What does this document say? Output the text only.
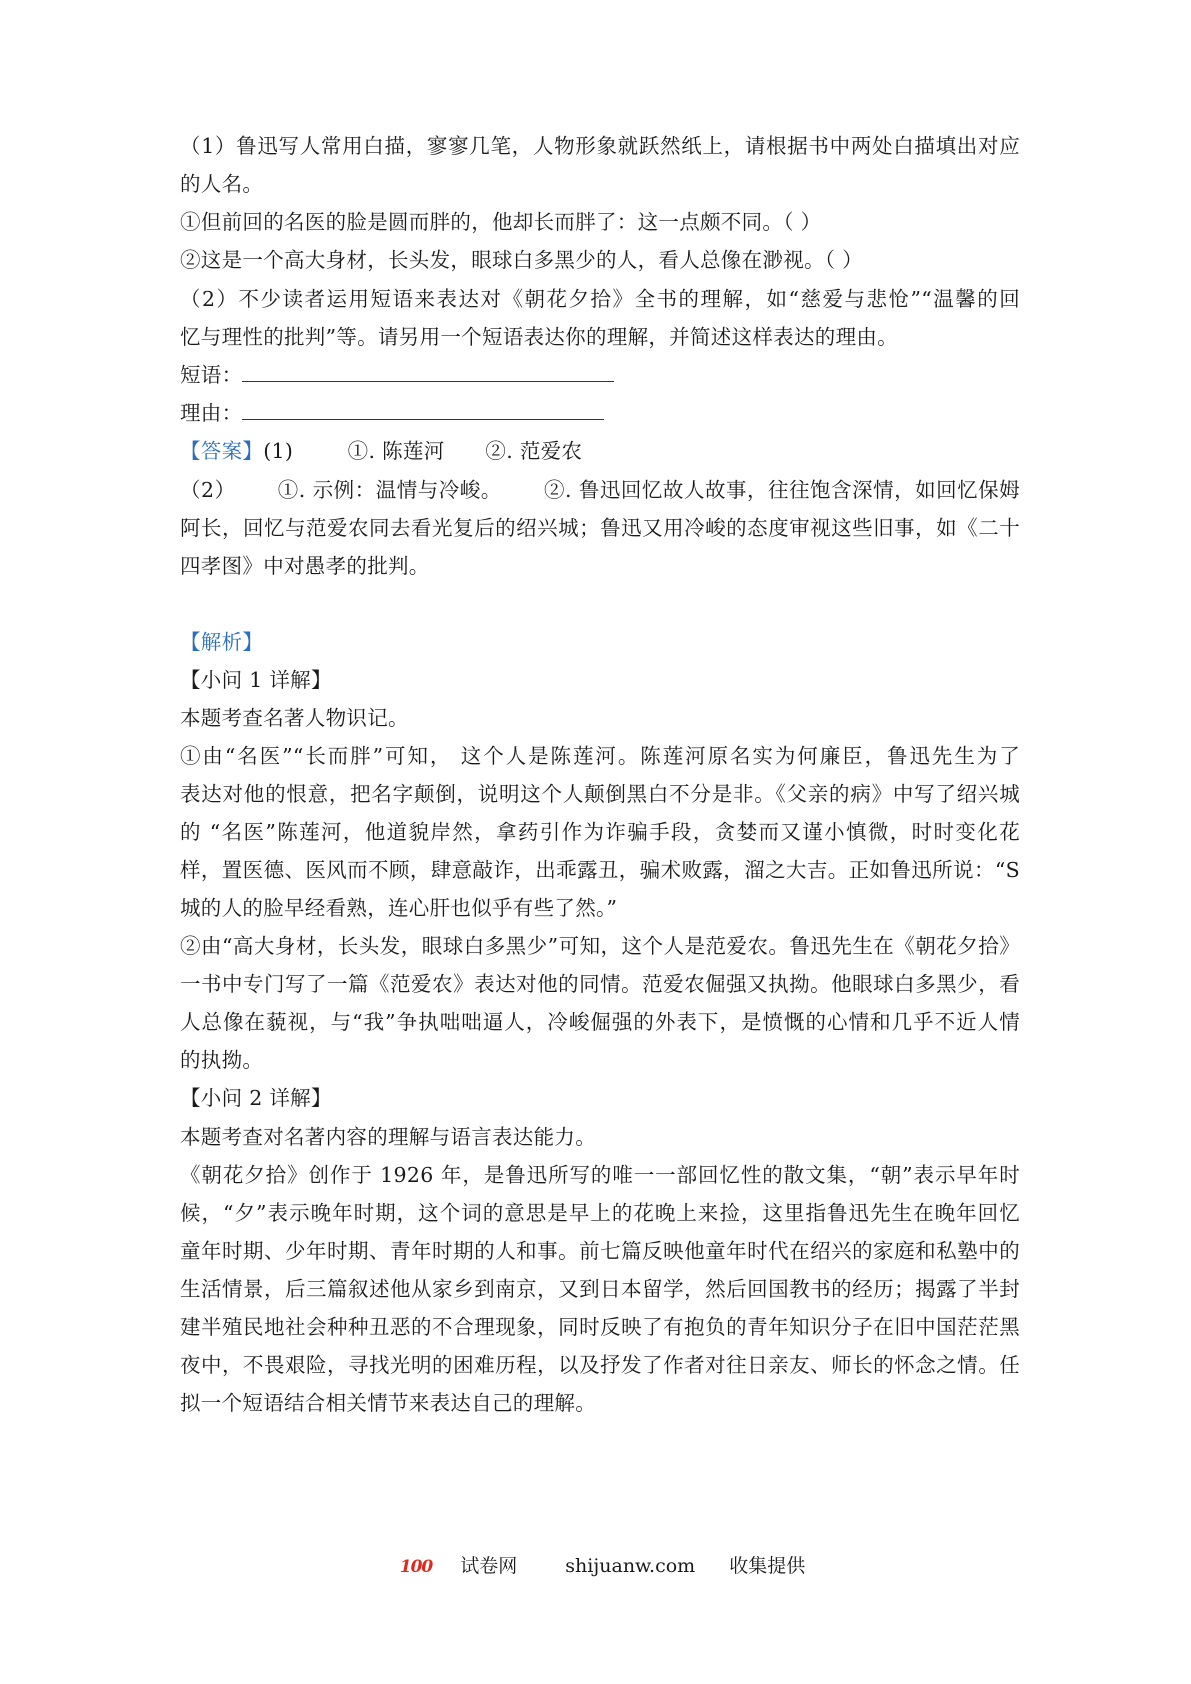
（1）鲁迅写人常用白描，寥寥几笔，人物形象就跃然纸上，请根据书中两处白描填出对应
的人名。
①但前回的名医的脸是圆而胖的，他却长而胖了：这一点颇不同。（ ）
②这是一个高大身材，长头发，眼球白多黑少的人，看人总像在渺视。（ ）
（2）不少读者运用短语来表达对《朝花夕拾》全书的理解，如“慈爱与悲怆”“温馨的回
忆与理性的批判”等。请另用一个短语表达你的理解，并简述这样表达的理由。
短语：
理由：
【答案】(1)        ①. 陈莲河      ②. 范爱农
（2）      ①. 示例：温情与冷峻。      ②. 鲁迅回忆故人故事，往往饱含深情，如回忆保姆
阿长，回忆与范爱农同去看光复后的绍兴城；鲁迅又用冷峻的态度审视这些旧事，如《二十
四孝图》中对愚孝的批判。
【解析】
【小问 1 详解】
本题考查名著人物识记。
①由“名医”“长而胖”可知， 这个人是陈莲河。陈莲河原名实为何廉臣，鲁迅先生为了
表达对他的恨意，把名字颠倒，说明这个人颠倒黑白不分是非。《父亲的病》中写了绍兴城
的 “名医”陈莲河，他道貌岸然，拿药引作为诈骗手段，贪婪而又谨小慎微，时时变化花
样，置医德、医风而不顾，肆意敲诈，出乖露丑，骗术败露，溜之大吉。正如鲁迅所说：“S
城的人的脸早经看熟，连心肝也似乎有些了然。”
②由“高大身材，长头发，眼球白多黑少”可知，这个人是范爱农。鲁迅先生在《朝花夕拾》
一书中专门写了一篇《范爱农》表达对他的同情。范爱农倔强又执拗。他眼球白多黑少，看
人总像在藐视，与“我”争执咄咄逼人，冷峻倔强的外表下，是愤慨的心情和几乎不近人情
的执拗。
【小问 2 详解】
本题考查对名著内容的理解与语言表达能力。
《朝花夕拾》创作于 1926 年，是鲁迅所写的唯一一部回忆性的散文集，“朝”表示早年时
候，“夕”表示晚年时期，这个词的意思是早上的花晚上来捡，这里指鲁迅先生在晚年回忆
童年时期、少年时期、青年时期的人和事。前七篇反映他童年时代在绍兴的家庭和私塾中的
生活情景，后三篇叙述他从家乡到南京，又到日本留学，然后回国教书的经历；揭露了半封
建半殖民地社会种种丑恶的不合理现象，同时反映了有抱负的青年知识分子在旧中国茫茫黑
夜中，不畏艰险，寻找光明的困难历程，以及抒发了作者对往日亲友、师长的怀念之情。任
拟一个短语结合相关情节来表达自己的理解。
100 试卷网	shijuanw.com 收集提供
